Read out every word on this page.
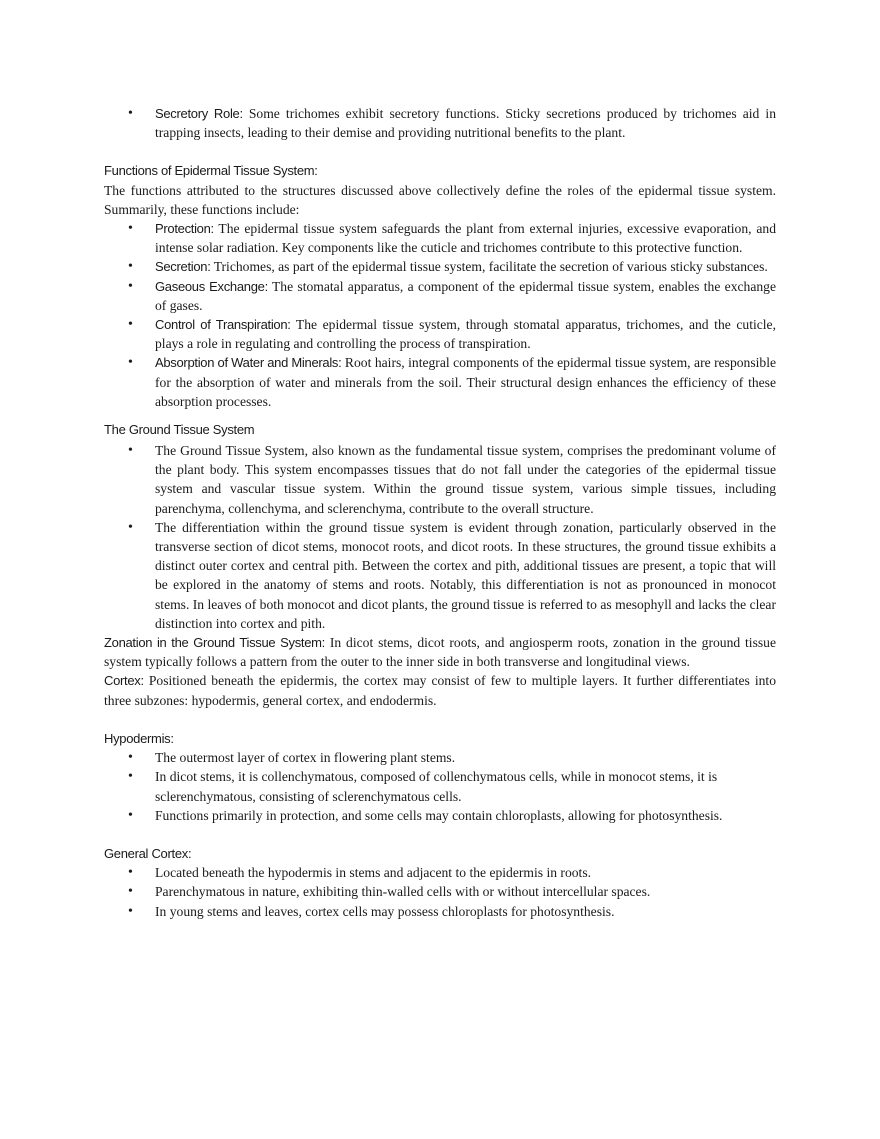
• Secretory Role: Some trichomes exhibit secretory functions. Sticky secretions produced by trichomes aid in trapping insects, leading to their demise and providing nutritional benefits to the plant.

Functions of Epidermal Tissue System:

The functions attributed to the structures discussed above collectively define the roles of the epidermal tissue system. Summarily, these functions include:

• Protection: The epidermal tissue system safeguards the plant from external injuries, excessive evaporation, and intense solar radiation. Key components like the cuticle and trichomes contribute to this protective function.
• Secretion: Trichomes, as part of the epidermal tissue system, facilitate the secretion of various sticky substances.
• Gaseous Exchange: The stomatal apparatus, a component of the epidermal tissue system, enables the exchange of gases.
• Control of Transpiration: The epidermal tissue system, through stomatal apparatus, trichomes, and the cuticle, plays a role in regulating and controlling the process of transpiration.
• Absorption of Water and Minerals: Root hairs, integral components of the epidermal tissue system, are responsible for the absorption of water and minerals from the soil. Their structural design enhances the efficiency of these absorption processes.
The Ground Tissue System
• The Ground Tissue System, also known as the fundamental tissue system, comprises the predominant volume of the plant body. This system encompasses tissues that do not fall under the categories of the epidermal tissue system and vascular tissue system. Within the ground tissue system, various simple tissues, including parenchyma, collenchyma, and sclerenchyma, contribute to the overall structure.
• The differentiation within the ground tissue system is evident through zonation, particularly observed in the transverse section of dicot stems, monocot roots, and dicot roots. In these structures, the ground tissue exhibits a distinct outer cortex and central pith. Between the cortex and pith, additional tissues are present, a topic that will be explored in the anatomy of stems and roots. Notably, this differentiation is not as pronounced in monocot stems. In leaves of both monocot and dicot plants, the ground tissue is referred to as mesophyll and lacks the clear distinction into cortex and pith.

Zonation in the Ground Tissue System: In dicot stems, dicot roots, and angiosperm roots, zonation in the ground tissue system typically follows a pattern from the outer to the inner side in both transverse and longitudinal views.

Cortex: Positioned beneath the epidermis, the cortex may consist of few to multiple layers. It further differentiates into three subzones: hypodermis, general cortex, and endodermis.

Hypodermis:

• The outermost layer of cortex in flowering plant stems.
• In dicot stems, it is collenchymatous, composed of collenchymatous cells, while in monocot stems, it is sclerenchymatous, consisting of sclerenchymatous cells.
• Functions primarily in protection, and some cells may contain chloroplasts, allowing for photosynthesis.

General Cortex:

• Located beneath the hypodermis in stems and adjacent to the epidermis in roots.
• Parenchymatous in nature, exhibiting thin-walled cells with or without intercellular spaces.
• In young stems and leaves, cortex cells may possess chloroplasts for photosynthesis.
